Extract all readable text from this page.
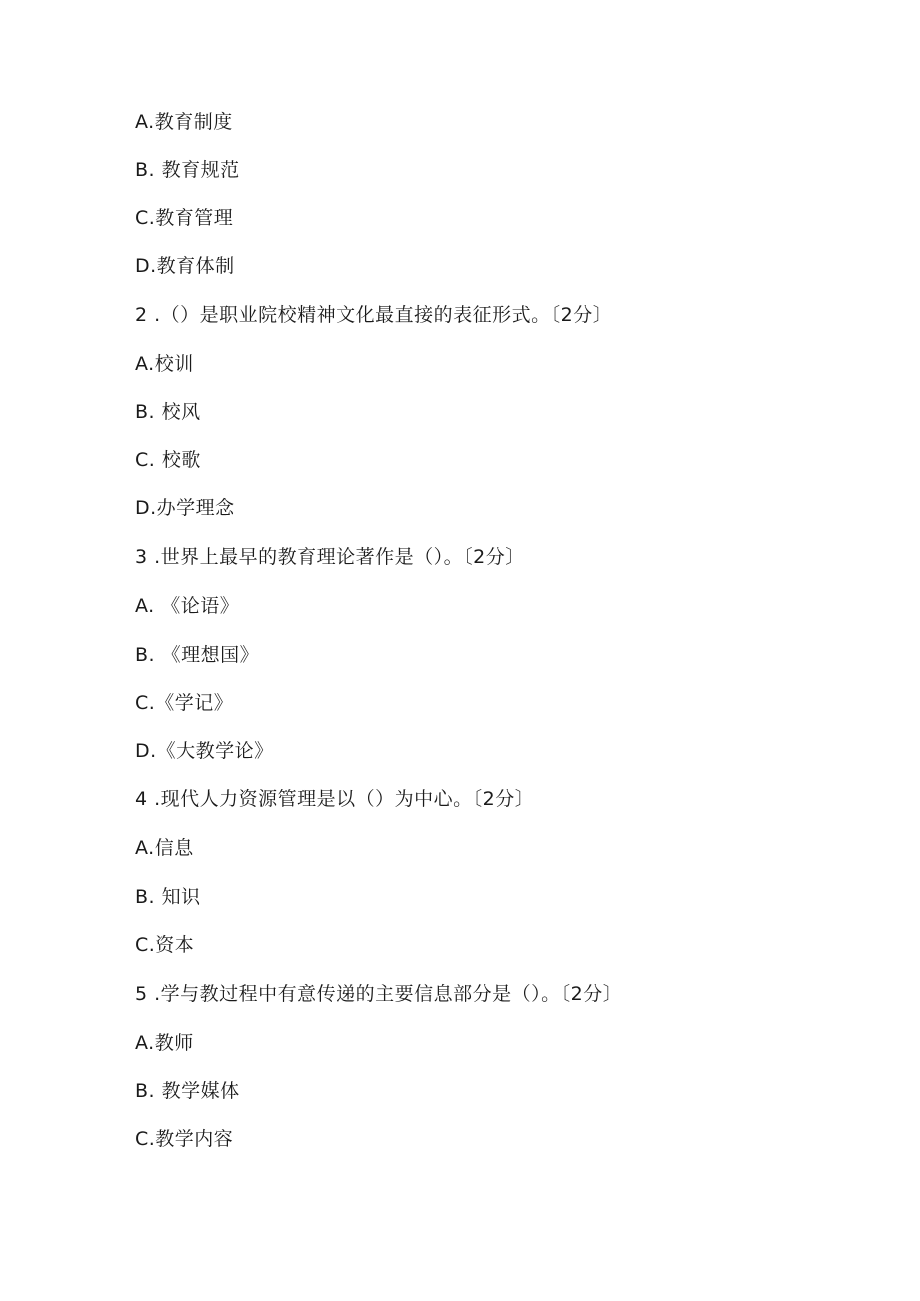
A.教育制度
B. 教育规范
C.教育管理
D.教育体制
2 .（）是职业院校精神文化最直接的表征形式。〔2分〕
A.校训
B. 校风
C. 校歌
D.办学理念
3 .世界上最早的教育理论著作是（）。〔2分〕
A. 《论语》
B. 《理想国》
C.《学记》
D.《大教学论》
4 .现代人力资源管理是以（）为中心。〔2分〕
A.信息
B. 知识
C.资本
5 .学与教过程中有意传递的主要信息部分是（）。〔2分〕
A.教师
B. 教学媒体
C.教学内容
